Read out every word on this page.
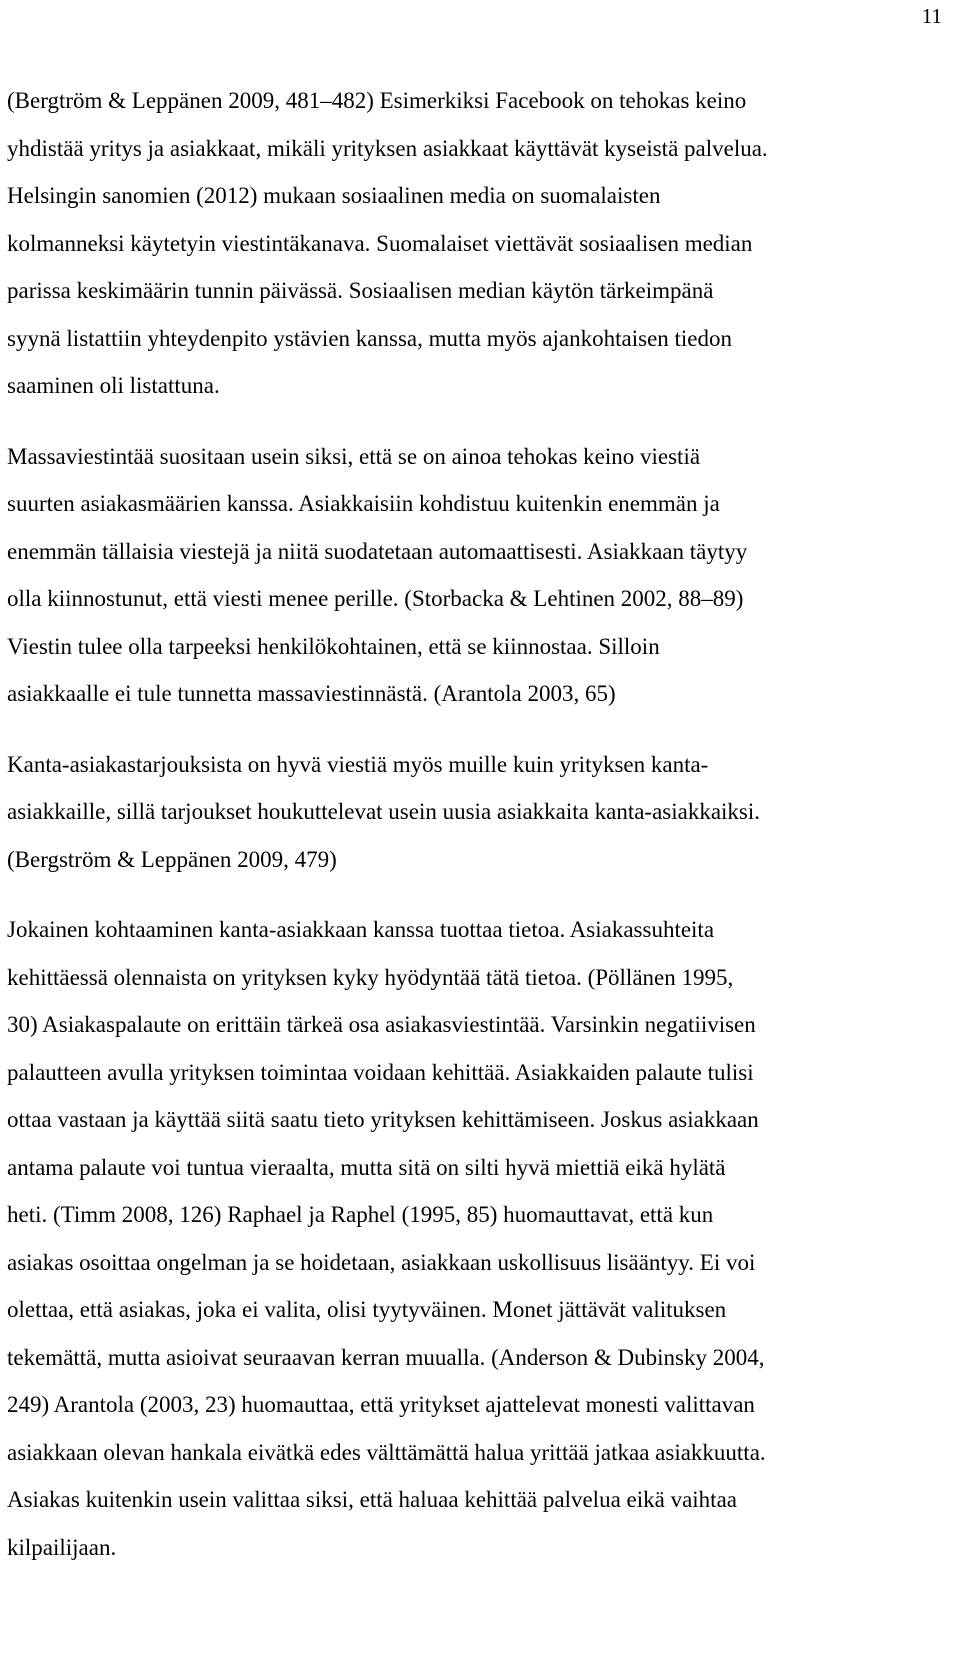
11

(Bergtröm & Leppänen 2009, 481–482) Esimerkiksi Facebook on tehokas keino
yhdistää yritys ja asiakkaat, mikäli yrityksen asiakkaat käyttävät kyseistä palvelua.
Helsingin sanomien (2012) mukaan sosiaalinen media on suomalaisten
kolmanneksi käytetyin viestintäkanava. Suomalaiset viettävät sosiaalisen median
parissa keskimäärin tunnin päivässä. Sosiaalisen median käytön tärkeimpänä
syynä listattiin yhteydenpito ystävien kanssa, mutta myös ajankohtaisen tiedon
saaminen oli listattuna.

Massaviestintää suositaan usein siksi, että se on ainoa tehokas keino viestiä
suurten asiakasmäärien kanssa. Asiakkaisiin kohdistuu kuitenkin enemmän ja
enemmän tällaisia viestejä ja niitä suodatetaan automaattisesti. Asiakkaan täytyy
olla kiinnostunut, että viesti menee perille. (Storbacka & Lehtinen 2002, 88–89)
Viestin tulee olla tarpeeksi henkilökohtainen, että se kiinnostaa. Silloin
asiakkaalle ei tule tunnetta massaviestinnästä. (Arantola 2003, 65)

Kanta-asiakastarjouksista on hyvä viestiä myös muille kuin yrityksen kanta-
asiakkaille, sillä tarjoukset houkuttelevat usein uusia asiakkaita kanta-asiakkaiksi.
(Bergström & Leppänen 2009, 479)

Jokainen kohtaaminen kanta-asiakkaan kanssa tuottaa tietoa. Asiakassuhteita
kehittäessä olennaista on yrityksen kyky hyödyntää tätä tietoa. (Pöllänen 1995,
30) Asiakaspalaute on erittäin tärkeä osa asiakasviestintää. Varsinkin negatiivisen
palautteen avulla yrityksen toimintaa voidaan kehittää. Asiakkaiden palaute tulisi
ottaa vastaan ja käyttää siitä saatu tieto yrityksen kehittämiseen. Joskus asiakkaan
antama palaute voi tuntua vieraalta, mutta sitä on silti hyvä miettiä eikä hylätä
heti. (Timm 2008, 126) Raphael ja Raphel (1995, 85) huomauttavat, että kun
asiakas osoittaa ongelman ja se hoidetaan, asiakkaan uskollisuus lisääntyy. Ei voi
olettaa, että asiakas, joka ei valita, olisi tyytyväinen. Monet jättävät valituksen
tekemättä, mutta asioivat seuraavan kerran muualla. (Anderson & Dubinsky 2004,
249) Arantola (2003, 23) huomauttaa, että yritykset ajattelevat monesti valittavan
asiakkaan olevan hankala eivätkä edes välttämättä halua yrittää jatkaa asiakkuutta.
Asiakas kuitenkin usein valittaa siksi, että haluaa kehittää palvelua eikä vaihtaa
kilpailijaan.
